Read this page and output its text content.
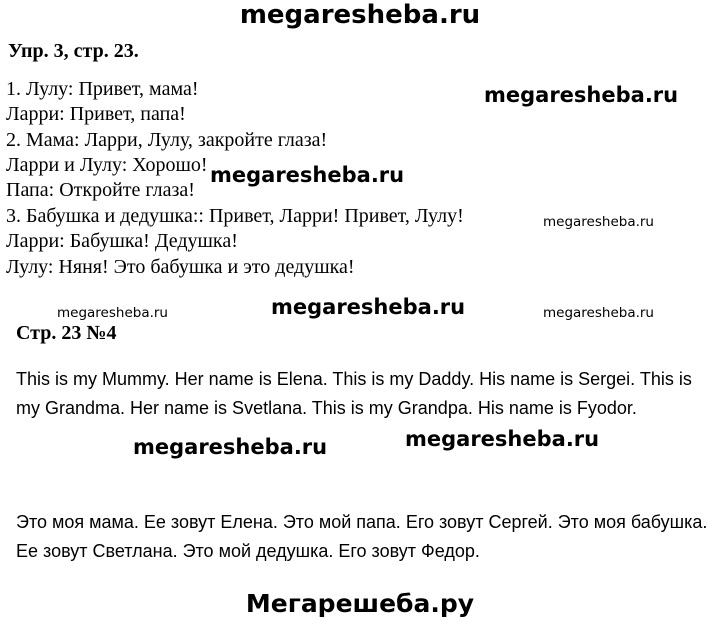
megaresheba.ru
Упр. 3, стр. 23.
1. Лулу: Привет, мама!
Ларри: Привет, папа!
2. Мама: Ларри, Лулу, закройте глаза!
Ларри и Лулу: Хорошо!
Папа: Откройте глаза!
3. Бабушка и дедушка:: Привет, Ларри! Привет, Лулу!
Ларри: Бабушка! Дедушка!
Лулу: Няня! Это бабушка и это дедушка!
Стр. 23 №4
This is my Mummy. Her name is Elena. This is my Daddy. His name is Sergei. This is my Grandma. Her name is Svetlana. This is my Grandpa. His name is Fyodor.
Это моя мама. Ее зовут Елена. Это мой папа. Его зовут Сергей. Это моя бабушка. Ее зовут Светлана. Это мой дедушка. Его зовут Федор.
megaresheba.ru
megaresheba.ru
megaresheba.ru
megaresheba.ru	megaresheba.ru	megaresheba.ru
megaresheba.ru	megaresheba.ru
Мегарешеба.ру
